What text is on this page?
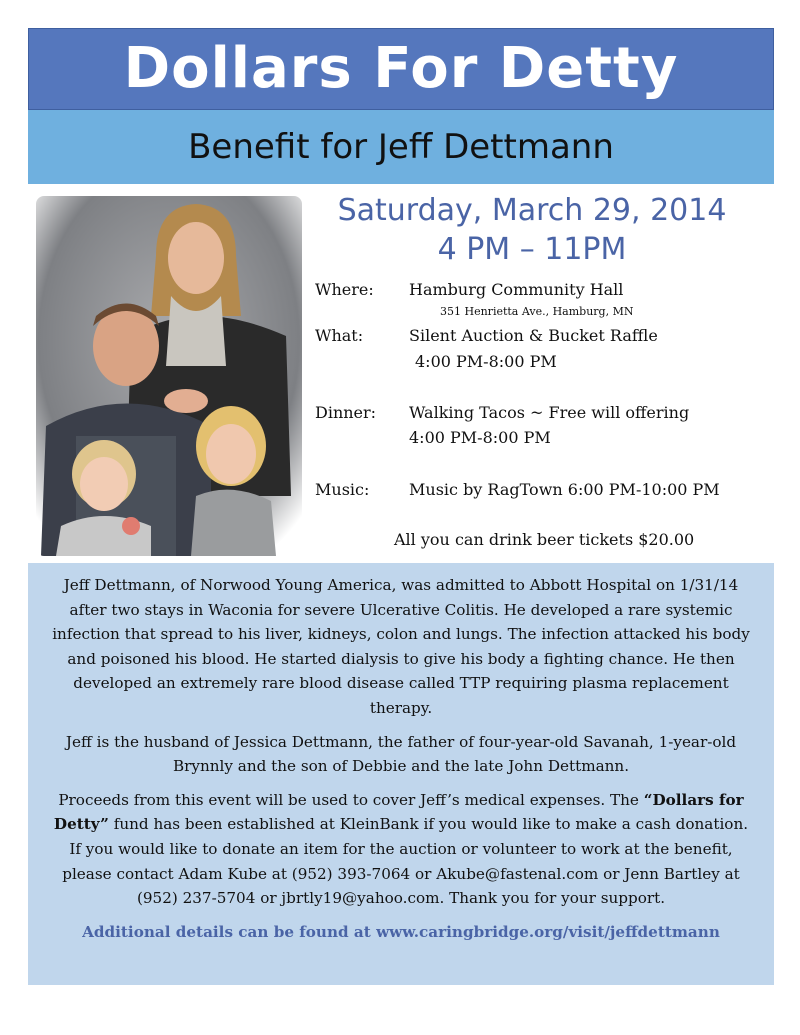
Dollars For Detty
Benefit for Jeff Dettmann
Saturday, March 29, 2014
4 PM – 11PM
Where: Hamburg Community Hall
351 Henrietta Ave., Hamburg, MN
What:	Silent Auction & Bucket Raffle
4:00 PM-8:00 PM
Dinner: Walking Tacos ~ Free will offering
4:00 PM-8:00 PM
Music: Music by RagTown 6:00 PM-10:00 PM
All you can drink beer tickets $20.00

Jeff Dettmann, of Norwood Young America, was admitted to Abbott Hospital on 1/31/14 after two stays in Waconia for severe Ulcerative Colitis. He developed a rare systemic infection that spread to his liver, kidneys, colon and lungs. The infection attacked his body and poisoned his blood. He started dialysis to give his body a fighting chance. He then developed an extremely rare blood disease called TTP requiring plasma replacement therapy.

Jeff is the husband of Jessica Dettmann, the father of four-year-old Savanah, 1-year-old Brynnly and the son of Debbie and the late John Dettmann.

Proceeds from this event will be used to cover Jeff’s medical expenses. The “Dollars for Detty” fund has been established at KleinBank if you would like to make a cash donation. If you would like to donate an item for the auction or volunteer to work at the benefit, please contact Adam Kube at (952) 393-7064 or Akube@fastenal.com or Jenn Bartley at (952) 237-5704 or jbrtly19@yahoo.com. Thank you for your support.

Additional details can be found at www.caringbridge.org/visit/jeffdettmann
